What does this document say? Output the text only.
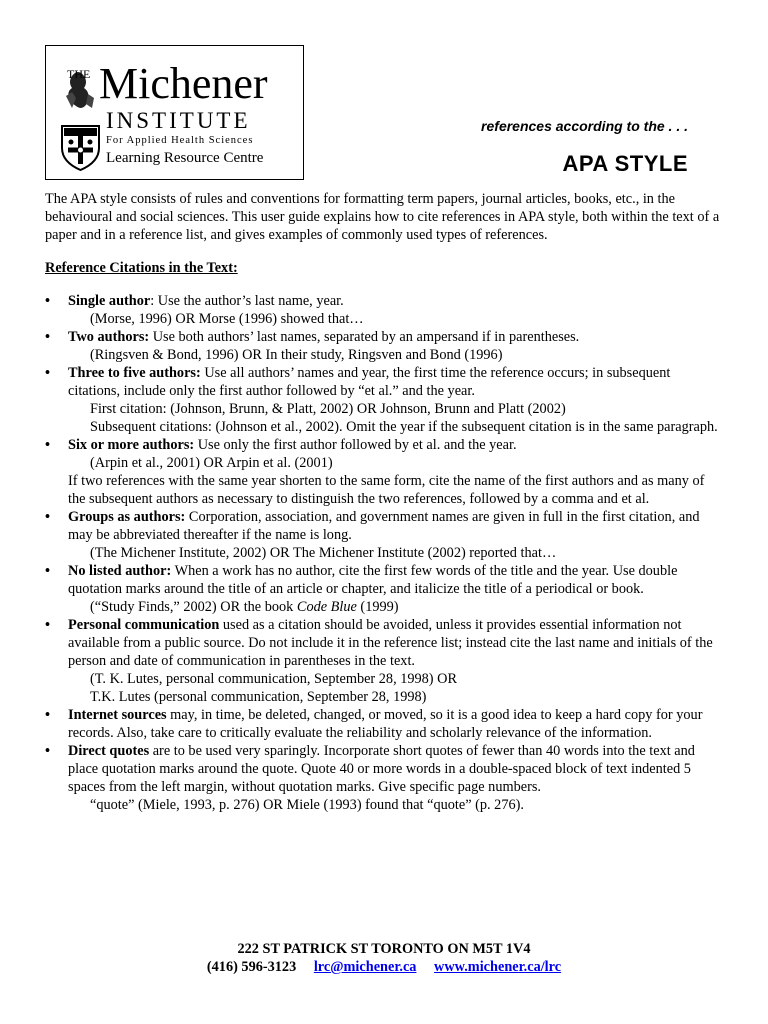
THE Michener
INSTITUTE
For Applied Health Sciences
Learning Resource Centre
references according to the . . .
APA STYLE
The APA style consists of rules and conventions for formatting term papers, journal articles, books, etc., in the behavioural and social sciences. This user guide explains how to cite references in APA style, both within the text of a paper and in a reference list, and gives examples of commonly used types of references.
Reference Citations in the Text:
• Single author: Use the author’s last name, year.
(Morse, 1996) OR Morse (1996) showed that…
• Two authors: Use both authors’ last names, separated by an ampersand if in parentheses.
(Ringsven & Bond, 1996) OR In their study, Ringsven and Bond (1996)
• Three to five authors: Use all authors’ names and year, the first time the reference occurs; in subsequent citations, include only the first author followed by “et al.” and the year.
First citation: (Johnson, Brunn, & Platt, 2002) OR Johnson, Brunn and Platt (2002)
Subsequent citations: (Johnson et al., 2002). Omit the year if the subsequent citation is in the same paragraph.
• Six or more authors: Use only the first author followed by et al. and the year.
(Arpin et al., 2001) OR Arpin et al. (2001)
If two references with the same year shorten to the same form, cite the name of the first authors and as many of the subsequent authors as necessary to distinguish the two references, followed by a comma and et al.
• Groups as authors: Corporation, association, and government names are given in full in the first citation, and may be abbreviated thereafter if the name is long.
(The Michener Institute, 2002) OR The Michener Institute (2002) reported that…
• No listed author: When a work has no author, cite the first few words of the title and the year. Use double quotation marks around the title of an article or chapter, and italicize the title of a periodical or book.
(“Study Finds,” 2002) OR the book Code Blue (1999)
• Personal communication used as a citation should be avoided, unless it provides essential information not available from a public source. Do not include it in the reference list; instead cite the last name and initials of the person and date of communication in parentheses in the text.
(T. K. Lutes, personal communication, September 28, 1998) OR
T.K. Lutes (personal communication, September 28, 1998)
• Internet sources may, in time, be deleted, changed, or moved, so it is a good idea to keep a hard copy for your records. Also, take care to critically evaluate the reliability and scholarly relevance of the information.
• Direct quotes are to be used very sparingly. Incorporate short quotes of fewer than 40 words into the text and place quotation marks around the quote. Quote 40 or more words in a double-spaced block of text indented 5 spaces from the left margin, without quotation marks. Give specific page numbers.
“quote” (Miele, 1993, p. 276) OR Miele (1993) found that “quote” (p. 276).
222 ST PATRICK ST TORONTO ON M5T 1V4
(416) 596-3123 lrc@michener.ca www.michener.ca/lrc
